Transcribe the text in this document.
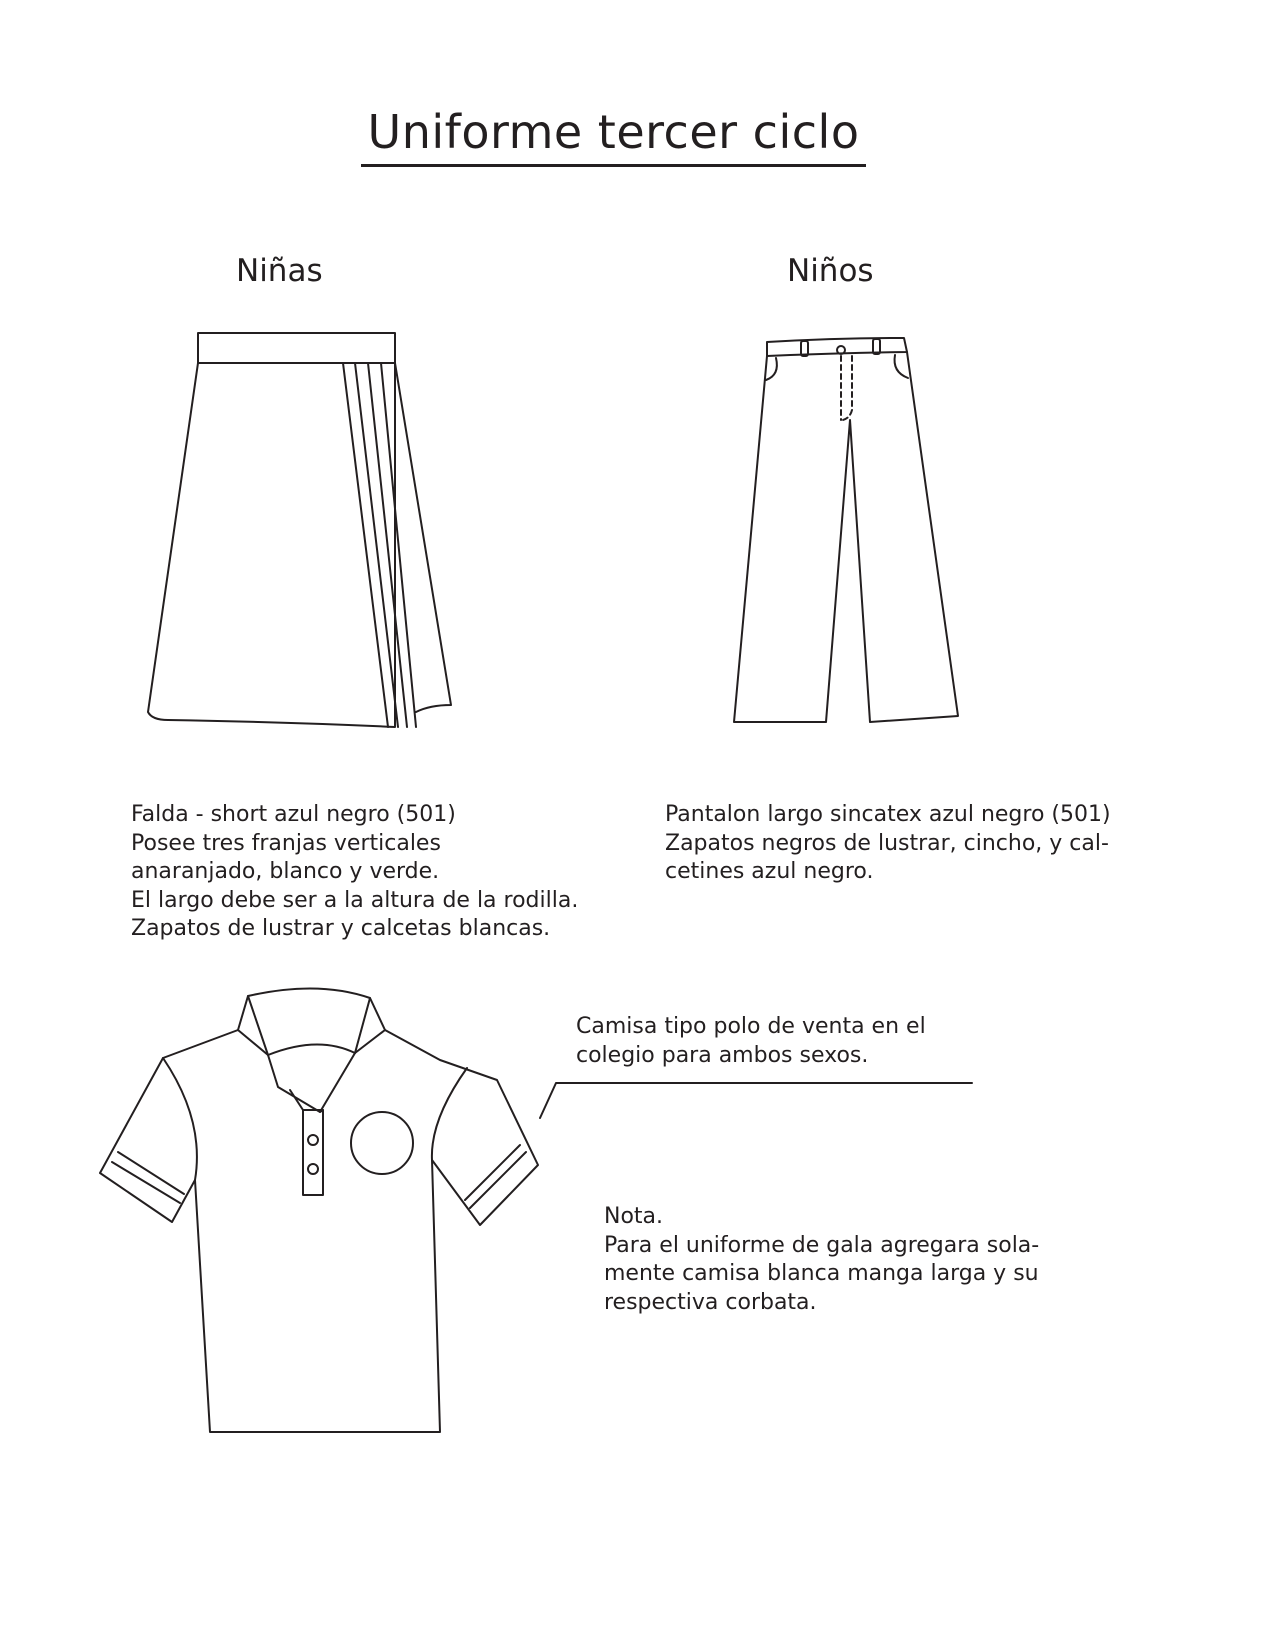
Uniforme tercer ciclo
Niñas	Niños
Falda - short azul negro (501)
Posee tres franjas verticales
anaranjado, blanco y verde.
El largo debe ser a la altura de la rodilla.
Zapatos de lustrar y calcetas blancas.
Pantalon largo sincatex azul negro (501)
Zapatos negros de lustrar, cincho, y cal-
cetines azul negro.
Camisa tipo polo de venta en el
colegio para ambos sexos.
Nota.
Para el uniforme de gala agregara sola-
mente camisa blanca manga larga y su
respectiva corbata.
